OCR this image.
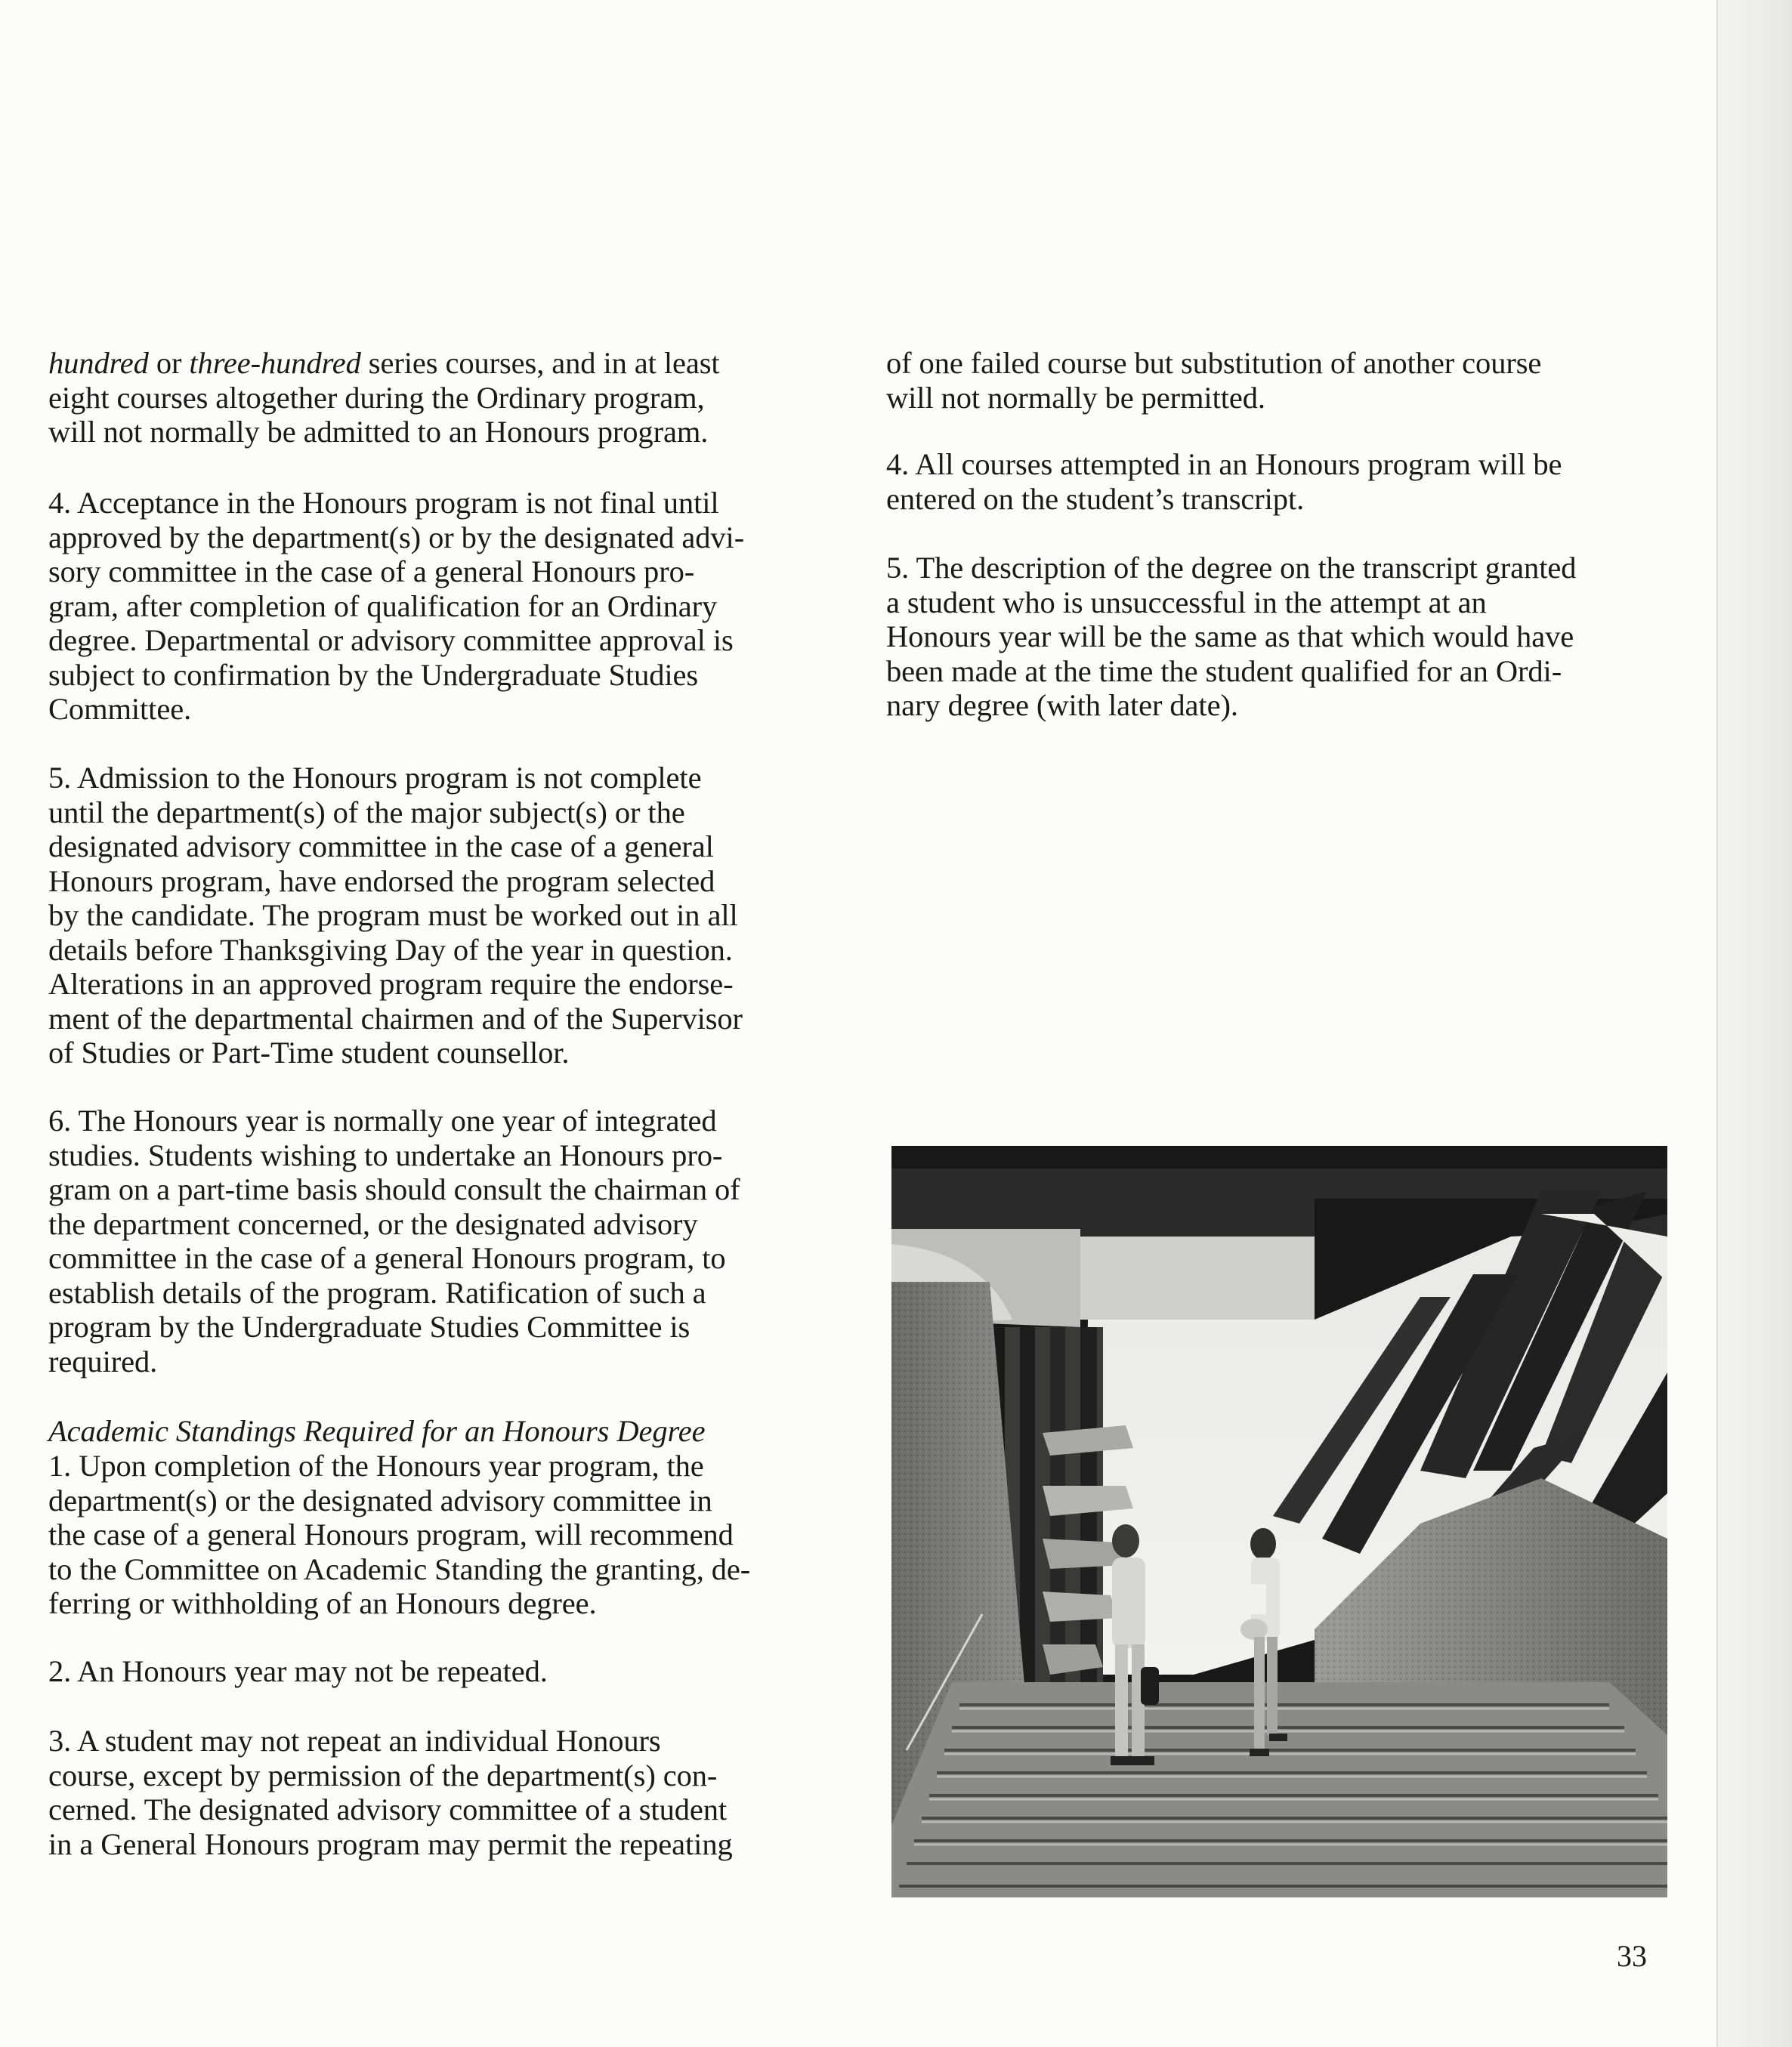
hundred or three-hundred series courses, and in at least
eight courses altogether during the Ordinary program,
will not normally be admitted to an Honours program.

4. Acceptance in the Honours program is not final until
approved by the department(s) or by the designated advi-
sory committee in the case of a general Honours pro-
gram, after completion of qualification for an Ordinary
degree. Departmental or advisory committee approval is
subject to confirmation by the Undergraduate Studies
Committee.

5. Admission to the Honours program is not complete
until the department(s) of the major subject(s) or the
designated advisory committee in the case of a general
Honours program, have endorsed the program selected
by the candidate. The program must be worked out in all
details before Thanksgiving Day of the year in question.
Alterations in an approved program require the endorse-
ment of the departmental chairmen and of the Supervisor
of Studies or Part-Time student counsellor.

6. The Honours year is normally one year of integrated
studies. Students wishing to undertake an Honours pro-
gram on a part-time basis should consult the chairman of
the department concerned, or the designated advisory
committee in the case of a general Honours program, to
establish details of the program. Ratification of such a
program by the Undergraduate Studies Committee is
required.

Academic Standings Required for an Honours Degree

1. Upon completion of the Honours year program, the
department(s) or the designated advisory committee in
the case of a general Honours program, will recommend
to the Committee on Academic Standing the granting, de-
ferring or withholding of an Honours degree.

2. An Honours year may not be repeated.

3. A student may not repeat an individual Honours
course, except by permission of the department(s) con-
cerned. The designated advisory committee of a student
in a General Honours program may permit the repeating

of one failed course but substitution of another course
will not normally be permitted.

4. All courses attempted in an Honours program will be
entered on the student’s transcript.

5. The description of the degree on the transcript granted
a student who is unsuccessful in the attempt at an
Honours year will be the same as that which would have
been made at the time the student qualified for an Ordi-
nary degree (with later date).

33
